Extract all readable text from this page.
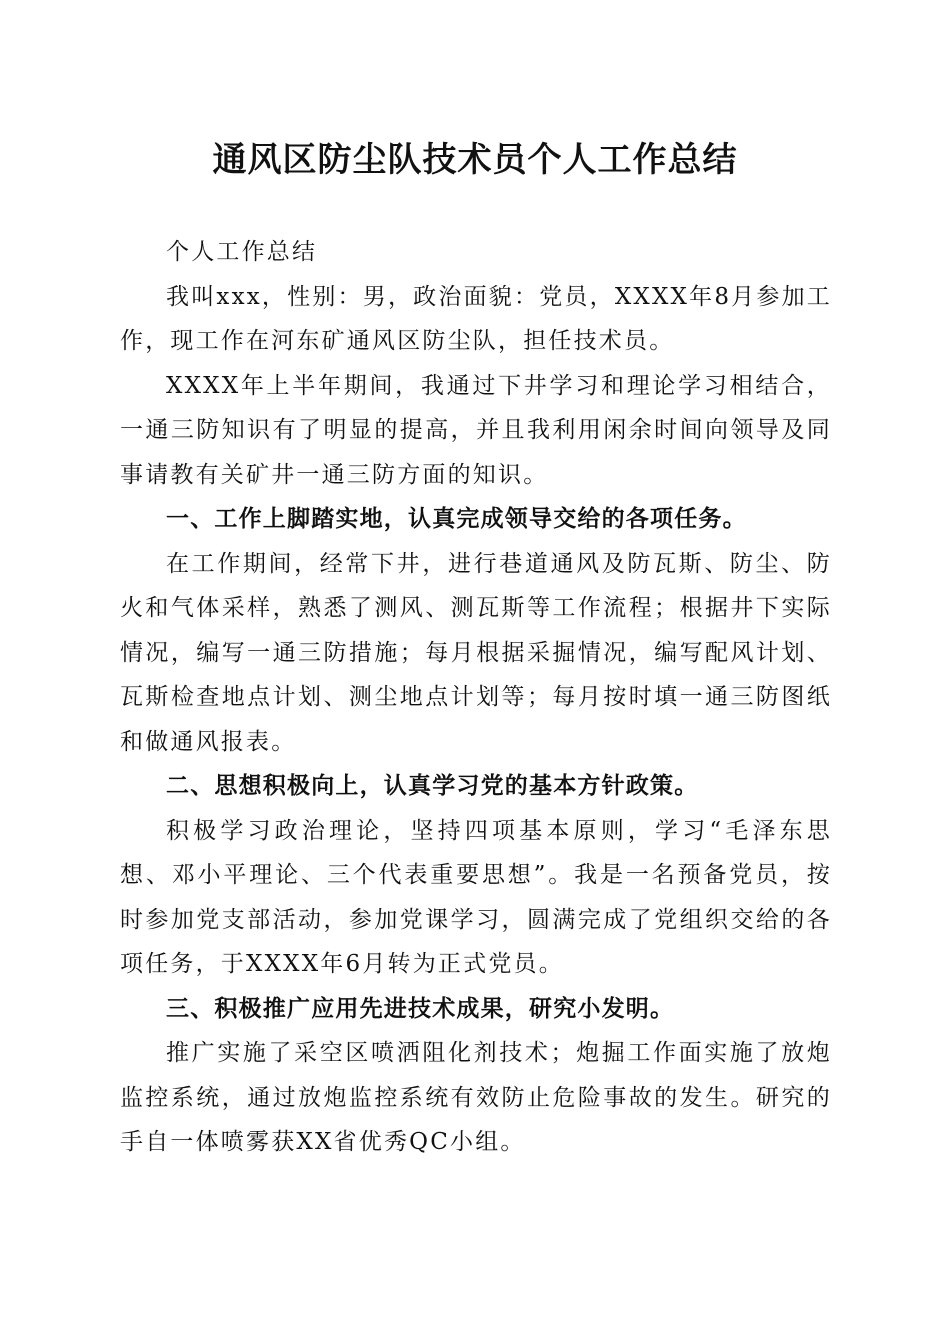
通风区防尘队技术员个人工作总结

个人工作总结

我叫xxx，性别：男，政治面貌：党员，XXXX年8月参加工作，现工作在河东矿通风区防尘队，担任技术员。

XXXX年上半年期间，我通过下井学习和理论学习相结合，一通三防知识有了明显的提高，并且我利用闲余时间向领导及同事请教有关矿井一通三防方面的知识。

一、工作上脚踏实地，认真完成领导交给的各项任务。

在工作期间，经常下井，进行巷道通风及防瓦斯、防尘、防火和气体采样，熟悉了测风、测瓦斯等工作流程；根据井下实际情况，编写一通三防措施；每月根据采掘情况，编写配风计划、瓦斯检查地点计划、测尘地点计划等；每月按时填一通三防图纸和做通风报表。

二、思想积极向上，认真学习党的基本方针政策。

积极学习政治理论，坚持四项基本原则，学习“毛泽东思想、邓小平理论、三个代表重要思想”。我是一名预备党员，按时参加党支部活动，参加党课学习，圆满完成了党组织交给的各项任务，于XXXX年6月转为正式党员。

三、积极推广应用先进技术成果，研究小发明。

推广实施了采空区喷洒阻化剂技术；炮掘工作面实施了放炮监控系统，通过放炮监控系统有效防止危险事故的发生。研究的手自一体喷雾获XX省优秀QC小组。
